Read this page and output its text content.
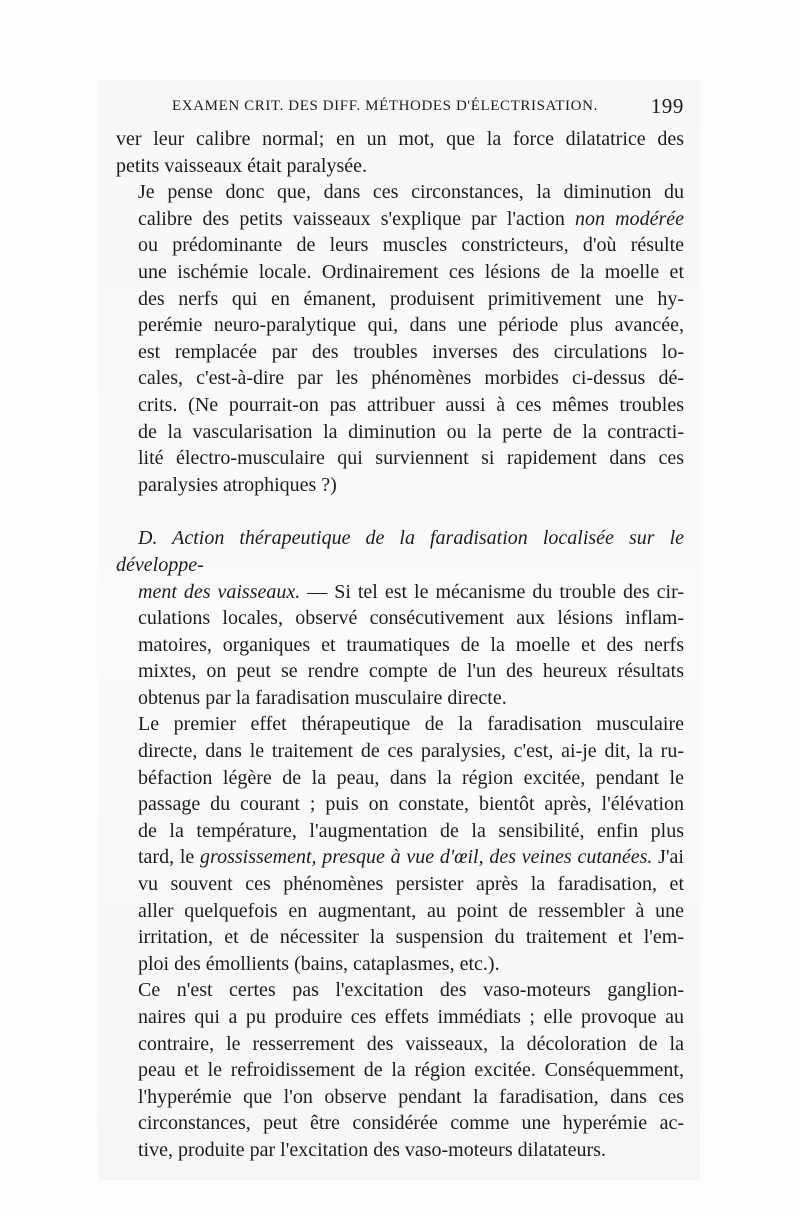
EXAMEN CRIT. DES DIFF. MÉTHODES D'ÉLECTRISATION.	199

ver leur calibre normal; en un mot, que la force dilatatrice des
petits vaisseaux était paralysée.

Je pense donc que, dans ces circonstances, la diminution du
calibre des petits vaisseaux s'explique par l'action non modérée
ou prédominante de leurs muscles constricteurs, d'où résulte
une ischémie locale. Ordinairement ces lésions de la moelle et
des nerfs qui en émanent, produisent primitivement une hy-
perémie neuro-paralytique qui, dans une période plus avancée,
est remplacée par des troubles inverses des circulations lo-
cales, c'est-à-dire par les phénomènes morbides ci-dessus dé-
crits. (Ne pourrait-on pas attribuer aussi à ces mêmes troubles
de la vascularisation la diminution ou la perte de la contracti-
lité électro-musculaire qui surviennent si rapidement dans ces
paralysies atrophiques ?)

D. Action thérapeutique de la faradisation localisée sur le développe-
ment des vaisseaux. — Si tel est le mécanisme du trouble des cir-
culations locales, observé consécutivement aux lésions inflam-
matoires, organiques et traumatiques de la moelle et des nerfs
mixtes, on peut se rendre compte de l'un des heureux résultats
obtenus par la faradisation musculaire directe.

Le premier effet thérapeutique de la faradisation musculaire
directe, dans le traitement de ces paralysies, c'est, ai-je dit, la ru-
béfaction légère de la peau, dans la région excitée, pendant le
passage du courant ; puis on constate, bientôt après, l'élévation
de la température, l'augmentation de la sensibilité, enfin plus
tard, le grossissement, presque à vue d'œil, des veines cutanées. J'ai
vu souvent ces phénomènes persister après la faradisation, et
aller quelquefois en augmentant, au point de ressembler à une
irritation, et de nécessiter la suspension du traitement et l'em-
ploi des émollients (bains, cataplasmes, etc.).

Ce n'est certes pas l'excitation des vaso-moteurs ganglion-
naires qui a pu produire ces effets immédiats ; elle provoque au
contraire, le resserrement des vaisseaux, la décoloration de la
peau et le refroidissement de la région excitée. Conséquemment,
l'hyperémie que l'on observe pendant la faradisation, dans ces
circonstances, peut être considérée comme une hyperémie ac-
tive, produite par l'excitation des vaso-moteurs dilatateurs.
